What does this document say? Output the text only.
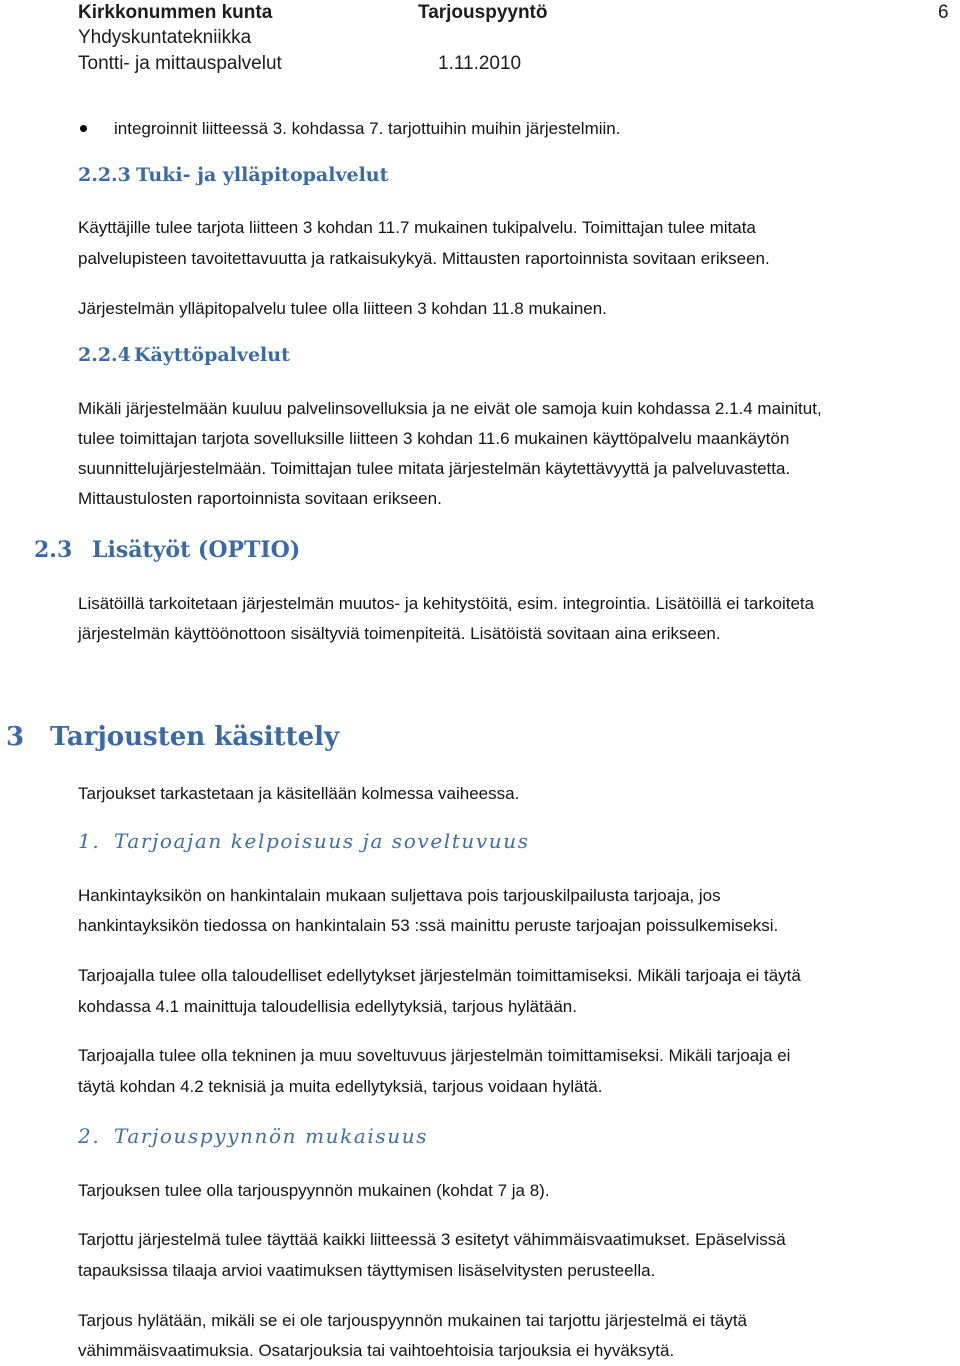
Kirkkonummen kunta	Tarjouspyyntö	6
Yhdyskuntatekniikka
Tontti- ja mittauspalvelut	1.11.2010
integroinnit liitteessä 3. kohdassa 7. tarjottuihin muihin järjestelmiin.
2.2.3 Tuki- ja ylläpitopalvelut
Käyttäjille tulee tarjota liitteen 3 kohdan 11.7 mukainen tukipalvelu. Toimittajan tulee mitata
palvelupisteen tavoitettavuutta ja ratkaisukykyä. Mittausten raportoinnista sovitaan erikseen.
Järjestelmän ylläpitopalvelu tulee olla liitteen 3 kohdan 11.8 mukainen.
2.2.4 Käyttöpalvelut
Mikäli järjestelmään kuuluu palvelinsovelluksia ja ne eivät ole samoja kuin kohdassa 2.1.4 mainitut,
tulee toimittajan tarjota sovelluksille liitteen 3 kohdan 11.6 mukainen käyttöpalvelu maankäytön
suunnittelujärjestelmään. Toimittajan tulee mitata järjestelmän käytettävyyttä ja palveluvastetta.
Mittaustulosten raportoinnista sovitaan erikseen.
2.3 Lisätyöt (OPTIO)
Lisätöillä tarkoitetaan järjestelmän muutos- ja kehitystöitä, esim. integrointia. Lisätöillä ei tarkoiteta
järjestelmän käyttöönottoon sisältyviä toimenpiteitä. Lisätöistä sovitaan aina erikseen.
3 Tarjousten käsittely
Tarjoukset tarkastetaan ja käsitellään kolmessa vaiheessa.
1. Tarjoajan kelpoisuus ja soveltuvuus
Hankintayksikön on hankintalain mukaan suljettava pois tarjouskilpailusta tarjoaja, jos
hankintayksikön tiedossa on hankintalain 53 :ssä mainittu peruste tarjoajan poissulkemiseksi.
Tarjoajalla tulee olla taloudelliset edellytykset järjestelmän toimittamiseksi. Mikäli tarjoaja ei täytä
kohdassa 4.1 mainittuja taloudellisia edellytyksiä, tarjous hylätään.
Tarjoajalla tulee olla tekninen ja muu soveltuvuus järjestelmän toimittamiseksi. Mikäli tarjoaja ei
täytä kohdan 4.2 teknisiä ja muita edellytyksiä, tarjous voidaan hylätä.
2. Tarjouspyynnön mukaisuus
Tarjouksen tulee olla tarjouspyynnön mukainen (kohdat 7 ja 8).
Tarjottu järjestelmä tulee täyttää kaikki liitteessä 3 esitetyt vähimmäisvaatimukset. Epäselvissä
tapauksissa tilaaja arvioi vaatimuksen täyttymisen lisäselvitysten perusteella.
Tarjous hylätään, mikäli se ei ole tarjouspyynnön mukainen tai tarjottu järjestelmä ei täytä
vähimmäisvaatimuksia. Osatarjouksia tai vaihtoehtoisia tarjouksia ei hyväksytä.
